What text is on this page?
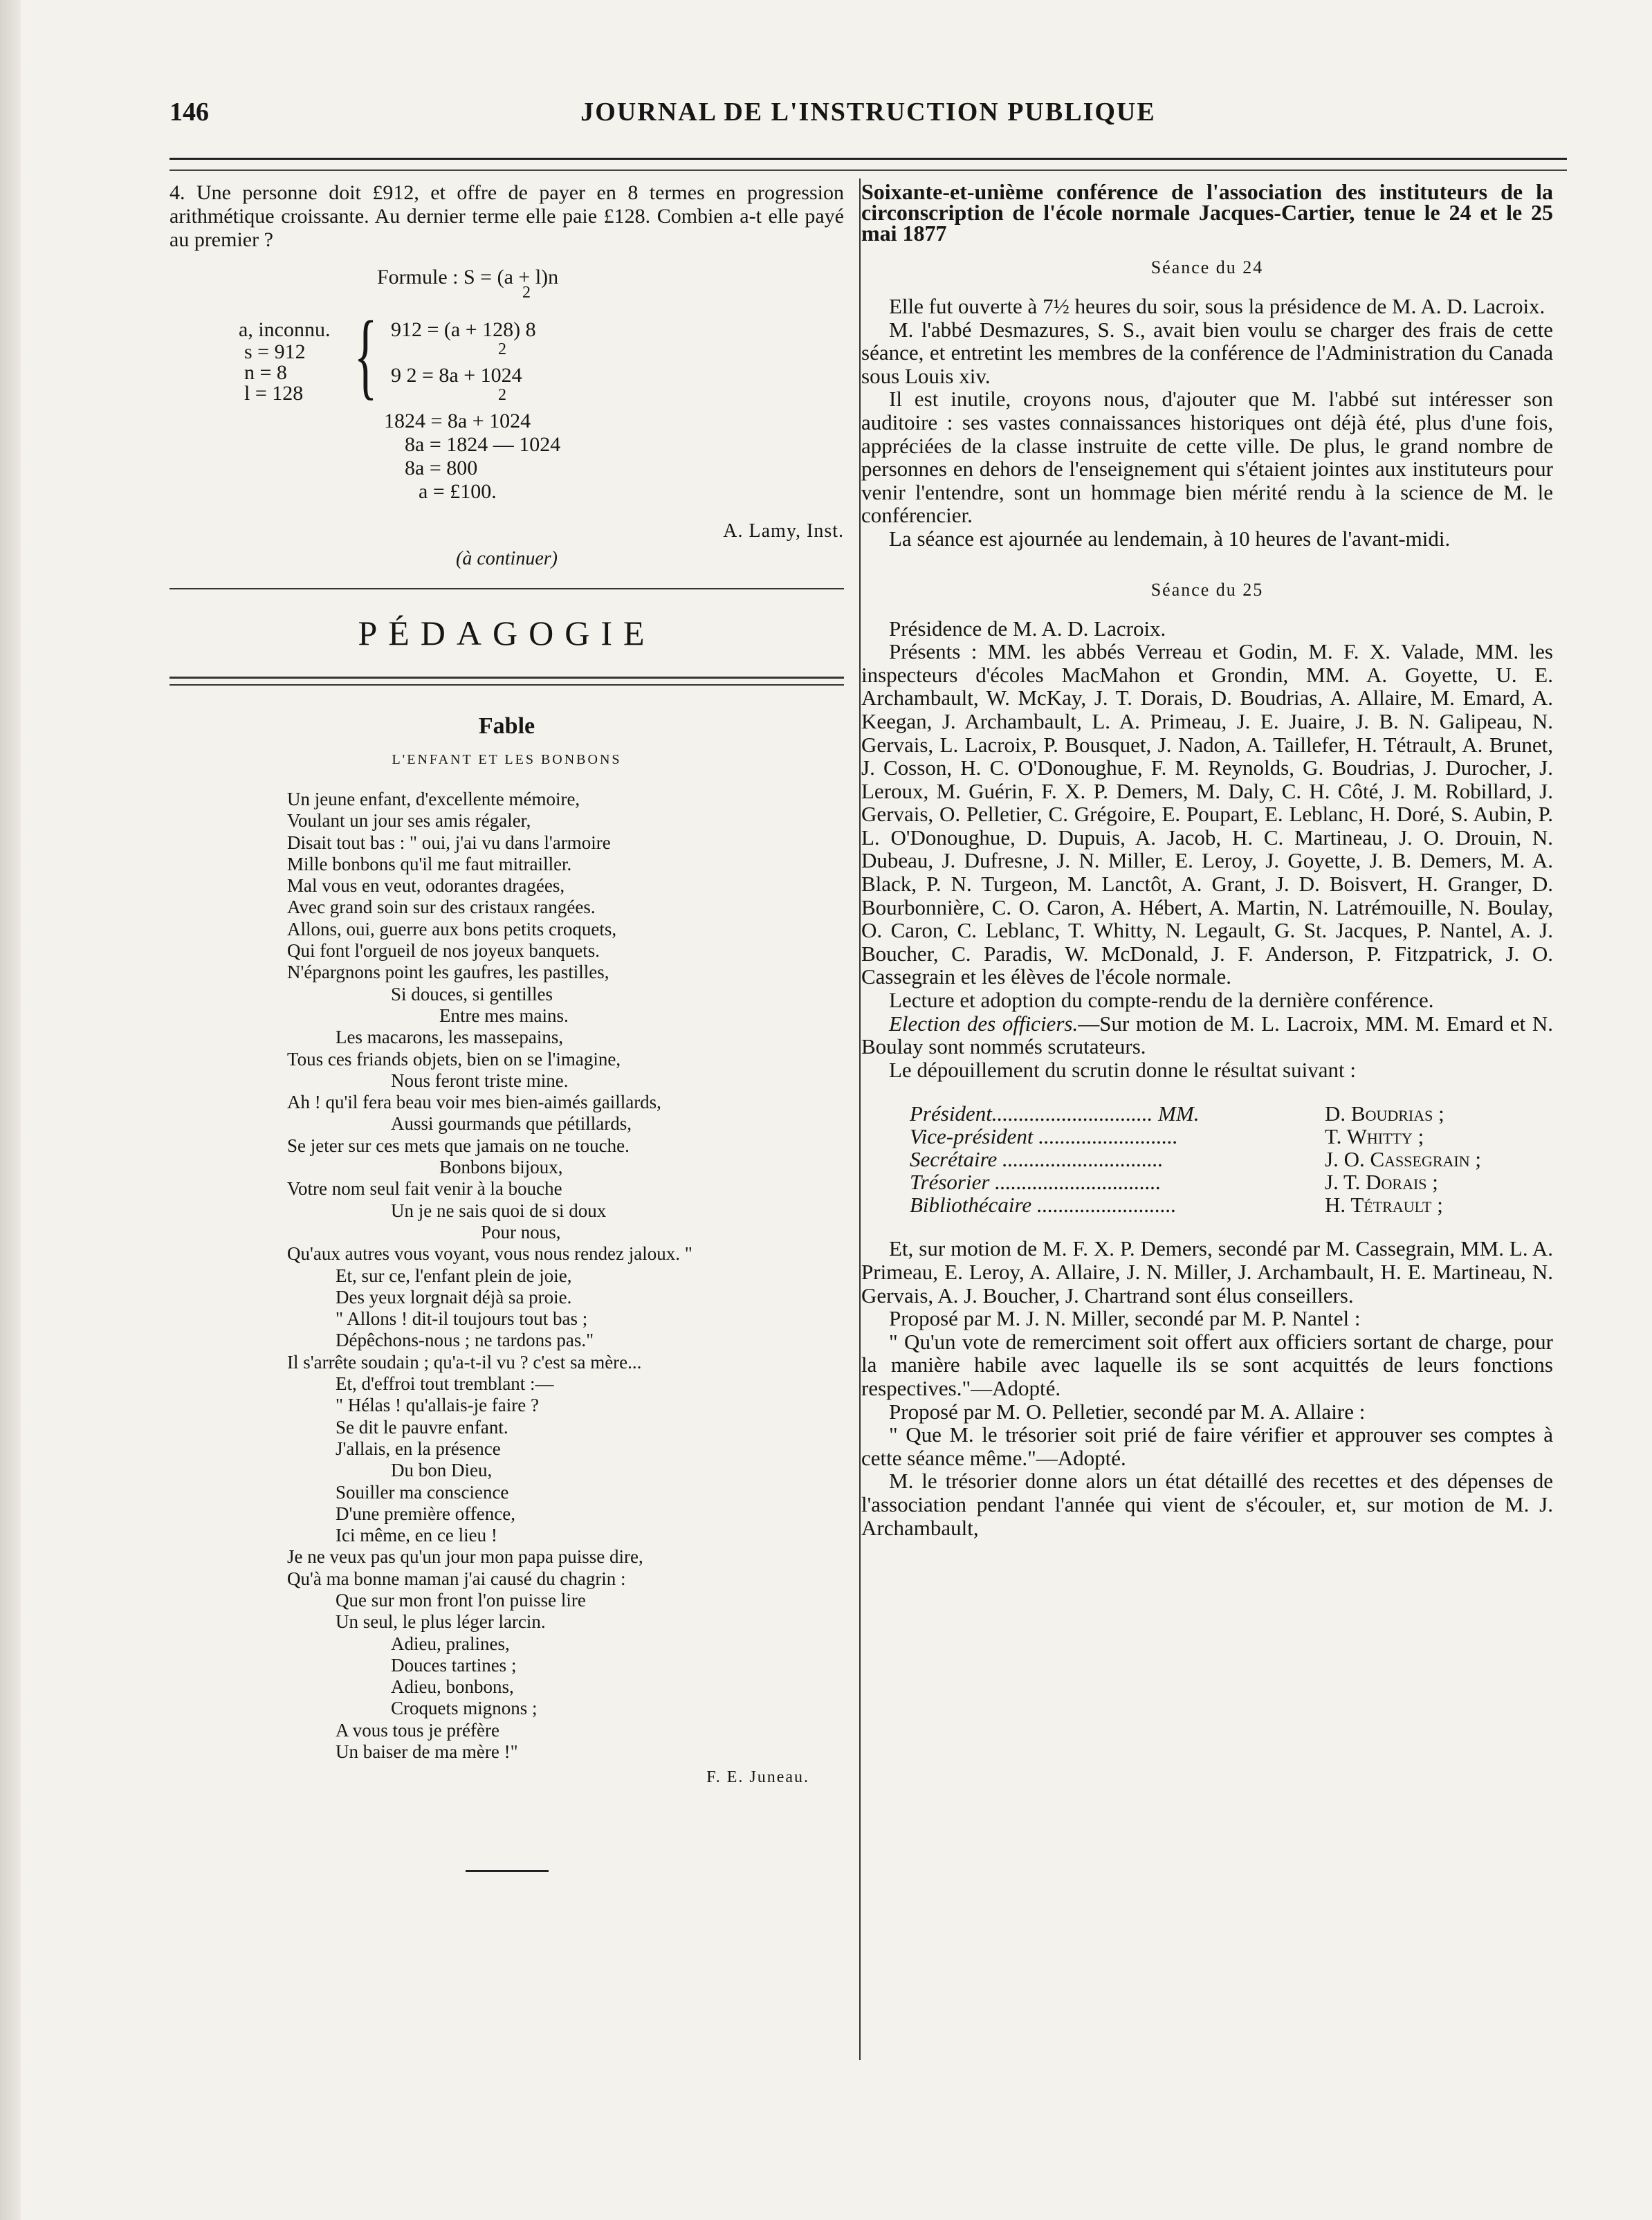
146	JOURNAL DE L'INSTRUCTION PUBLIQUE

4. Une personne doit £912, et offre de payer en 8 termes en progression arithmétique croissante. Au dernier terme elle paie £128. Combien a-t elle payé au premier ?

Formule : S = (a + l)n
2
a, inconnu.
s = 912
n = 8
l = 128 { 912 = (a + 128) 8
2
9 2 = 8a + 1024
2
1824 = 8a + 1024
8a = 1824 — 1024
8a = 800
a = £100.
A. Lamy, Inst.
(à continuer)
PÉDAGOGIE
Fable
L'ENFANT ET LES BONBONS
Un jeune enfant, d'excellente mémoire,
Voulant un jour ses amis régaler,
Disait tout bas : " oui, j'ai vu dans l'armoire
Mille bonbons qu'il me faut mitrailler.
Mal vous en veut, odorantes dragées,
Avec grand soin sur des cristaux rangées.
Allons, oui, guerre aux bons petits croquets,
Qui font l'orgueil de nos joyeux banquets.
N'épargnons point les gaufres, les pastilles,
Si douces, si gentilles
Entre mes mains.
Les macarons, les massepains,
Tous ces friands objets, bien on se l'imagine,
Nous feront triste mine.
Ah ! qu'il fera beau voir mes bien-aimés gaillards,
Aussi gourmands que pétillards,
Se jeter sur ces mets que jamais on ne touche.
Bonbons bijoux,
Votre nom seul fait venir à la bouche
Un je ne sais quoi de si doux
Pour nous,
Qu'aux autres vous voyant, vous nous rendez jaloux. "
Et, sur ce, l'enfant plein de joie,
Des yeux lorgnait déjà sa proie.
" Allons ! dit-il toujours tout bas ;
Dépêchons-nous ; ne tardons pas."
Il s'arrête soudain ; qu'a-t-il vu ? c'est sa mère...
Et, d'effroi tout tremblant :—
" Hélas ! qu'allais-je faire ?
Se dit le pauvre enfant.
J'allais, en la présence
Du bon Dieu,
Souiller ma conscience
D'une première offence,
Ici même, en ce lieu !
Je ne veux pas qu'un jour mon papa puisse dire,
Qu'à ma bonne maman j'ai causé du chagrin :
Que sur mon front l'on puisse lire
Un seul, le plus léger larcin.
Adieu, pralines,
Douces tartines ;
Adieu, bonbons,
Croquets mignons ;
A vous tous je préfère
Un baiser de ma mère !"
F. E. Juneau.

Soixante-et-unième conférence de l'association des instituteurs de la circonscription de l'école normale Jacques-Cartier, tenue le 24 et le 25 mai 1877

Séance du 24

Elle fut ouverte à 7½ heures du soir, sous la présidence de M. A. D. Lacroix.

M. l'abbé Desmazures, S. S., avait bien voulu se charger des frais de cette séance, et entretint les membres de la conférence de l'Administration du Canada sous Louis xiv.

Il est inutile, croyons nous, d'ajouter que M. l'abbé sut intéresser son auditoire : ses vastes connaissances historiques ont déjà été, plus d'une fois, appréciées de la classe instruite de cette ville. De plus, le grand nombre de personnes en dehors de l'enseignement qui s'étaient jointes aux instituteurs pour venir l'entendre, sont un hommage bien mérité rendu à la science de M. le conférencier.

La séance est ajournée au lendemain, à 10 heures de l'avant-midi.

Séance du 25

Présidence de M. A. D. Lacroix.

Présents : MM. les abbés Verreau et Godin, M. F. X. Valade, MM. les inspecteurs d'écoles MacMahon et Grondin, MM. A. Goyette, U. E. Archambault, W. McKay, J. T. Dorais, D. Boudrias, A. Allaire, M. Emard, A. Keegan, J. Archambault, L. A. Primeau, J. E. Juaire, J. B. N. Galipeau, N. Gervais, L. Lacroix, P. Bousquet, J. Nadon, A. Taillefer, H. Tétrault, A. Brunet, J. Cosson, H. C. O'Donoughue, F. M. Reynolds, G. Boudrias, J. Durocher, J. Leroux, M. Guérin, F. X. P. Demers, M. Daly, C. H. Côté, J. M. Robillard, J. Gervais, O. Pelletier, C. Grégoire, E. Poupart, E. Leblanc, H. Doré, S. Aubin, P. L. O'Donoughue, D. Dupuis, A. Jacob, H. C. Martineau, J. O. Drouin, N. Dubeau, J. Dufresne, J. N. Miller, E. Leroy, J. Goyette, J. B. Demers, M. A. Black, P. N. Turgeon, M. Lanctôt, A. Grant, J. D. Boisvert, H. Granger, D. Bourbonnière, C. O. Caron, A. Hébert, A. Martin, N. Latrémouille, N. Boulay, O. Caron, C. Leblanc, T. Whitty, N. Legault, G. St. Jacques, P. Nantel, A. J. Boucher, C. Paradis, W. McDonald, J. F. Anderson, P. Fitzpatrick, J. O. Cassegrain et les élèves de l'école normale.

Lecture et adoption du compte-rendu de la dernière conférence.

Election des officiers.—Sur motion de M. L. Lacroix, MM. M. Emard et N. Boulay sont nommés scrutateurs.

Le dépouillement du scrutin donne le résultat suivant :

Président.............................. MM.	D. Boudrias ;
Vice-président ..........................	T. Whitty ;
Secrétaire ..............................	J. O. Cassegrain ;
Trésorier ...............................	J. T. Dorais ;
Bibliothécaire ..........................	H. Tétrault ;

Et, sur motion de M. F. X. P. Demers, secondé par M. Cassegrain, MM. L. A. Primeau, E. Leroy, A. Allaire, J. N. Miller, J. Archambault, H. E. Martineau, N. Gervais, A. J. Boucher, J. Chartrand sont élus conseillers.

Proposé par M. J. N. Miller, secondé par M. P. Nantel :

" Qu'un vote de remerciment soit offert aux officiers sortant de charge, pour la manière habile avec laquelle ils se sont acquittés de leurs fonctions respectives."—Adopté.

Proposé par M. O. Pelletier, secondé par M. A. Allaire :

" Que M. le trésorier soit prié de faire vérifier et approuver ses comptes à cette séance même."—Adopté.

M. le trésorier donne alors un état détaillé des recettes et des dépenses de l'association pendant l'année qui vient de s'écouler, et, sur motion de M. J. Archambault,
